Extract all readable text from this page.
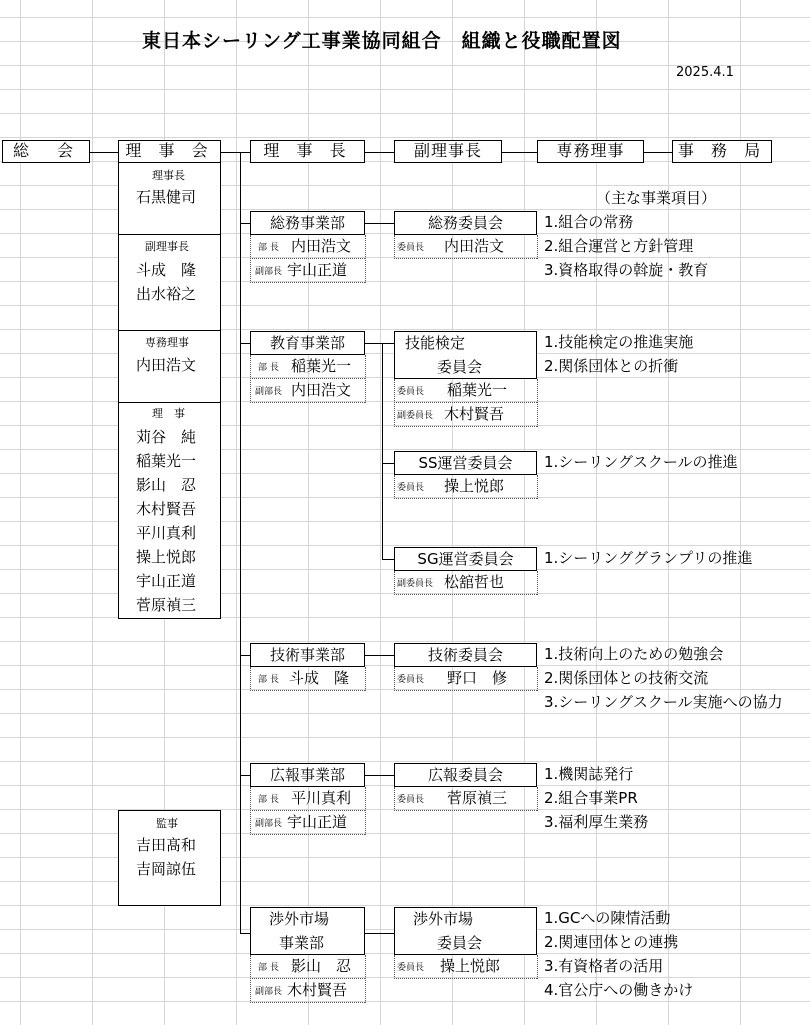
東日本シーリング工事業協同組合　組織と役職配置図
2025.4.1
総　会	理 事 会	理 事 長	副理事長	専務理事	事 務 局
理事長
石黒健司
副理事長
斗成　隆
出水裕之
専務理事
内田浩文
理　事
苅谷　純
稲葉光一
影山　忍
木村賢吾
平川真利
操上悦郎
宇山正道
菅原禎三
監事
吉田髙和
吉岡諒伍
（主な事業項目）
総務事業部	総務委員会
部 長 内田浩文
副部長 宇山正道
委員長 内田浩文
1.組合の常務
2.組合運営と方針管理
3.資格取得の斡旋・教育
教育事業部	技能検定
委員会
部 長 稲葉光一
副部長 内田浩文	委員長 稲葉光一
副委員長 木村賢吾
1.技能検定の推進実施
2.関係団体との折衝
SS運営委員会
委員長 操上悦郎
1.シーリングスクールの推進
SG運営委員会
副委員長 松舘哲也
1.シーリンググランプリの推進
技術事業部	技術委員会
部 長 斗成　隆	委員長 野口　修
1.技術向上のための勉強会
2.関係団体との技術交流
3.シーリングスクール実施への協力
広報事業部	広報委員会
部 長 平川真利
副部長 宇山正道
委員長 菅原禎三
1.機関誌発行
2.組合事業PR
3.福利厚生業務
渉外市場
事業部
渉外市場
委員会
部 長 影山　忍
副部長 木村賢吾
委員長 操上悦郎
1.GCへの陳情活動
2.関連団体との連携
3.有資格者の活用
4.官公庁への働きかけ
